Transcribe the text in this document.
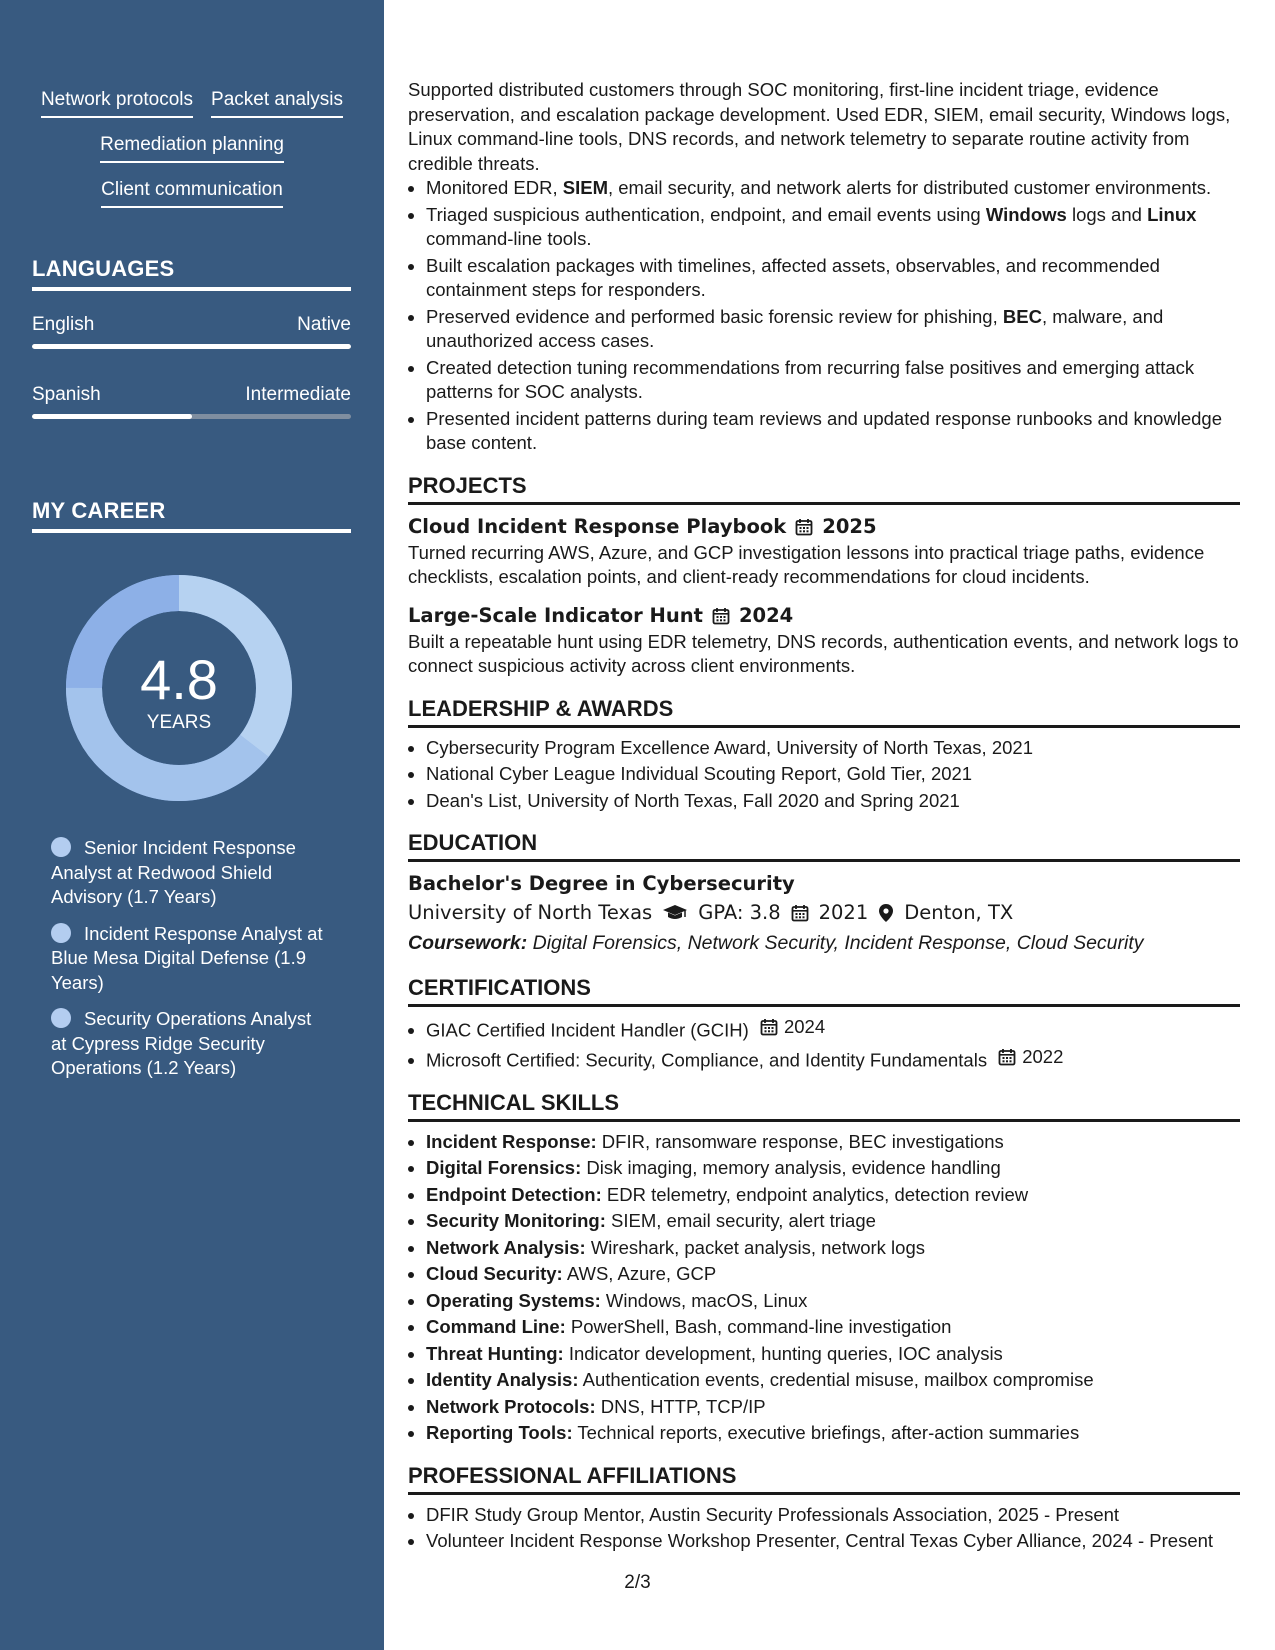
Network protocols Packet analysis
Remediation planning
Client communication
LANGUAGES
English	Native
Spanish	Intermediate
MY CAREER
4.8
YEARS
Senior Incident Response Analyst at Redwood Shield Advisory (1.7 Years)
Incident Response Analyst at Blue Mesa Digital Defense (1.9 Years)
Security Operations Analyst at Cypress Ridge Security Operations (1.2 Years)

Supported distributed customers through SOC monitoring, first-line incident triage, evidence preservation, and escalation package development. Used EDR, SIEM, email security, Windows logs, Linux command-line tools, DNS records, and network telemetry to separate routine activity from credible threats.

• Monitored EDR, SIEM, email security, and network alerts for distributed customer environments.
• Triaged suspicious authentication, endpoint, and email events using Windows logs and Linux command-line tools.
• Built escalation packages with timelines, affected assets, observables, and recommended containment steps for responders.
• Preserved evidence and performed basic forensic review for phishing, BEC, malware, and unauthorized access cases.
• Created detection tuning recommendations from recurring false positives and emerging attack patterns for SOC analysts.
• Presented incident patterns during team reviews and updated response runbooks and knowledge base content.
PROJECTS
Cloud Incident Response Playbook 2025

Turned recurring AWS, Azure, and GCP investigation lessons into practical triage paths, evidence checklists, escalation points, and client-ready recommendations for cloud incidents.

Large-Scale Indicator Hunt 2024

Built a repeatable hunt using EDR telemetry, DNS records, authentication events, and network logs to connect suspicious activity across client environments.

LEADERSHIP & AWARDS
• Cybersecurity Program Excellence Award, University of North Texas, 2021
• National Cyber League Individual Scouting Report, Gold Tier, 2021
• Dean's List, University of North Texas, Fall 2020 and Spring 2021
EDUCATION
Bachelor's Degree in Cybersecurity
University of North Texas GPA: 3.8 2021 Denton, TX
Coursework: Digital Forensics, Network Security, Incident Response, Cloud Security
CERTIFICATIONS
• GIAC Certified Incident Handler (GCIH) 2024
• Microsoft Certified: Security, Compliance, and Identity Fundamentals 2022
TECHNICAL SKILLS
• Incident Response: DFIR, ransomware response, BEC investigations
• Digital Forensics: Disk imaging, memory analysis, evidence handling
• Endpoint Detection: EDR telemetry, endpoint analytics, detection review
• Security Monitoring: SIEM, email security, alert triage
• Network Analysis: Wireshark, packet analysis, network logs
• Cloud Security: AWS, Azure, GCP
• Operating Systems: Windows, macOS, Linux
• Command Line: PowerShell, Bash, command-line investigation
• Threat Hunting: Indicator development, hunting queries, IOC analysis
• Identity Analysis: Authentication events, credential misuse, mailbox compromise
• Network Protocols: DNS, HTTP, TCP/IP
• Reporting Tools: Technical reports, executive briefings, after-action summaries
PROFESSIONAL AFFILIATIONS
• DFIR Study Group Mentor, Austin Security Professionals Association, 2025 - Present
• Volunteer Incident Response Workshop Presenter, Central Texas Cyber Alliance, 2024 - Present
2/3
